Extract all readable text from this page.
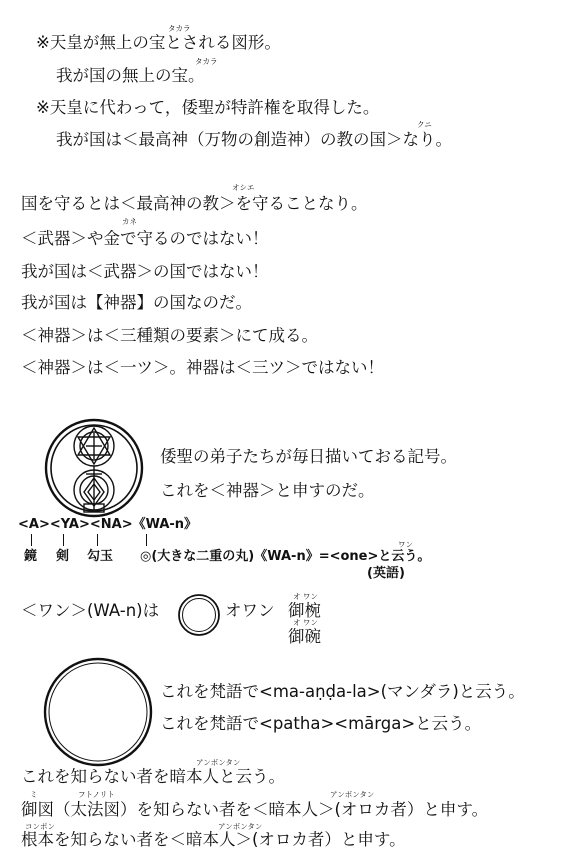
タカラ
※天皇が無上の宝とされる図形。
タカラ
我が国の無上の宝。
※天皇に代わって，倭聖が特許権を取得した。
クニ
我が国は＜最高神（万物の創造神）の教の国＞なり。
オシエ
国を守るとは＜最高神の教＞を守ることなり。
カネ
＜武器＞や金で守るのではない！
我が国は＜武器＞の国ではない！
我が国は【神器】の国なのだ。
＜神器＞は＜三種類の要素＞にて成る。
＜神器＞は＜一ツ＞。神器は＜三ツ＞ではない！
倭聖の弟子たちが毎日描いておる記号。
これを＜神器＞と申すのだ。
<A><YA><NA>《WA-n》
鏡 剣 勾玉
ワン
◎(大きな二重の丸)《WA-n》=<one>と云う。
(英語)
＜ワン＞(WA-n)は	オワン
オ ワン
御椀
オ ワン
御碗
これを梵語で<ma-aṇḍa-la>(マンダラ)と云う。
これを梵語で<patha><mārga>と云う。
アンボンタン
これを知らない者を暗本人と云う。
ミ	フトノリト	アンボンタン
御図（太法図）を知らない者を＜暗本人＞(オロカ者）と申す。
コンポン	アンボンタン
根本を知らない者を＜暗本人＞(オロカ者）と申す。
